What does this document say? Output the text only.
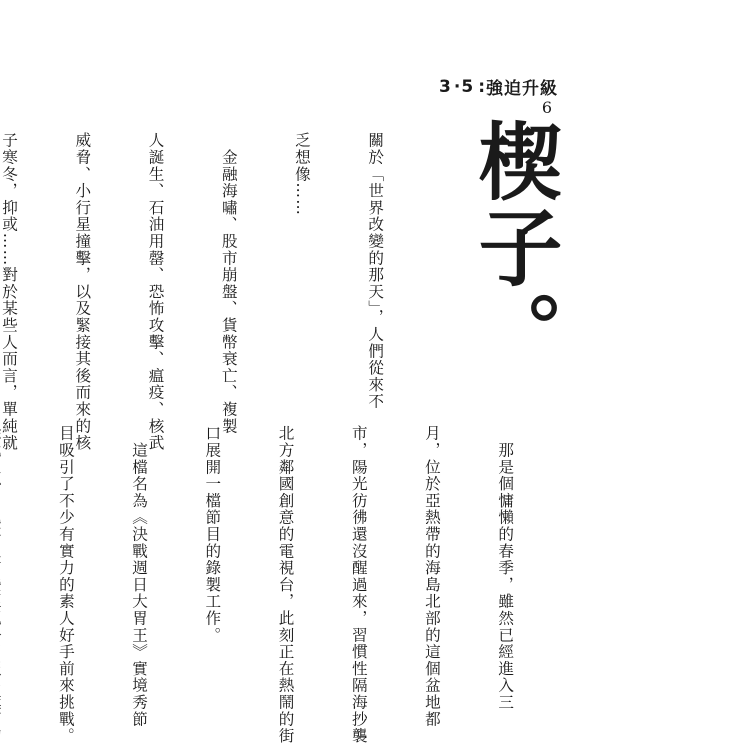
3 · 5 : 強迫升級
6
楔子。

關於「世界改變的那天」，人們從來不

乏想像……

　金融海嘯、股市崩盤、貨幣衰亡、複製

人誕生、石油用罄、恐怖攻擊、瘟疫、核武

威脅、小行星撞擊，以及緊接其後而來的核

子寒冬，抑或……對於某些人而言，單純就

　那是個慵懶的春季，雖然已經進入三

月，位於亞熱帶的海島北部的這個盆地都

市，陽光彷彿還沒醒過來，習慣性隔海抄襲

北方鄰國創意的電視台，此刻正在熱鬧的街

口展開一檔節目的錄製工作。

　這檔名為《決戰週日大胃王》實境秀節

目吸引了不少有實力的素人好手前來挑戰。
